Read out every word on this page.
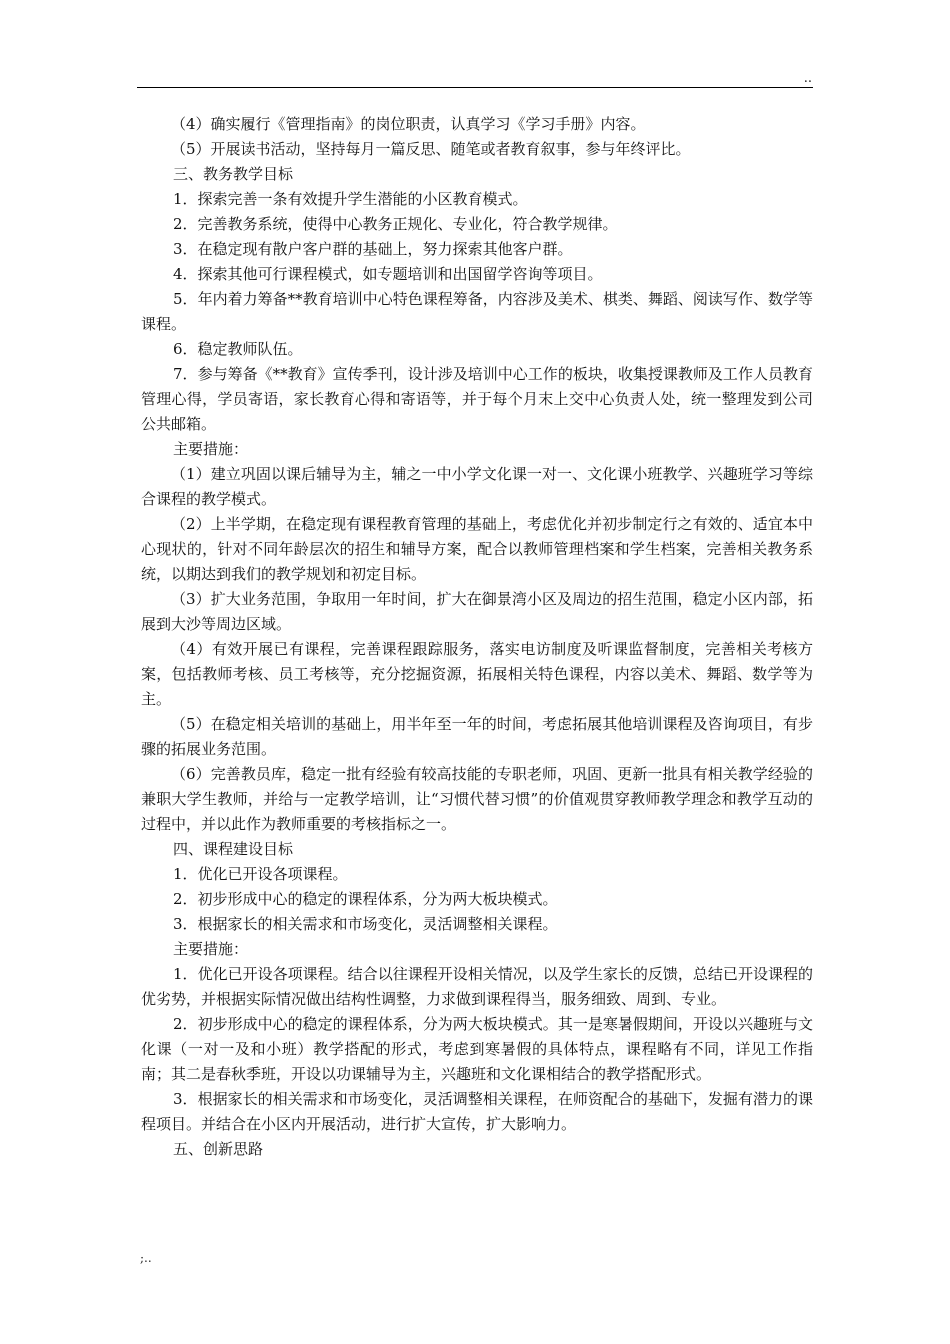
..

（4）确实履行《管理指南》的岗位职责，认真学习《学习手册》内容。

（5）开展读书活动，坚持每月一篇反思、随笔或者教育叙事，参与年终评比。

三、教务教学目标

1．探索完善一条有效提升学生潜能的小区教育模式。

2．完善教务系统，使得中心教务正规化、专业化，符合教学规律。

3．在稳定现有散户客户群的基础上，努力探索其他客户群。

4．探索其他可行课程模式，如专题培训和出国留学咨询等项目。

5．年内着力筹备**教育培训中心特色课程筹备，内容涉及美术、棋类、舞蹈、阅读写作、数学等课程。

6．稳定教师队伍。

7．参与筹备《**教育》宣传季刊，设计涉及培训中心工作的板块，收集授课教师及工作人员教育管理心得，学员寄语，家长教育心得和寄语等，并于每个月末上交中心负责人处，统一整理发到公司公共邮箱。

主要措施：

（1）建立巩固以课后辅导为主，辅之一中小学文化课一对一、文化课小班教学、兴趣班学习等综合课程的教学模式。

（2）上半学期，在稳定现有课程教育管理的基础上，考虑优化并初步制定行之有效的、适宜本中心现状的，针对不同年龄层次的招生和辅导方案，配合以教师管理档案和学生档案，完善相关教务系统，以期达到我们的教学规划和初定目标。

（3）扩大业务范围，争取用一年时间，扩大在御景湾小区及周边的招生范围，稳定小区内部，拓展到大沙等周边区域。

（4）有效开展已有课程，完善课程跟踪服务，落实电访制度及听课监督制度，完善相关考核方案，包括教师考核、员工考核等，充分挖掘资源，拓展相关特色课程，内容以美术、舞蹈、数学等为主。

（5）在稳定相关培训的基础上，用半年至一年的时间，考虑拓展其他培训课程及咨询项目，有步骤的拓展业务范围。

（6）完善教员库，稳定一批有经验有较高技能的专职老师，巩固、更新一批具有相关教学经验的兼职大学生教师，并给与一定教学培训，让“习惯代替习惯”的价值观贯穿教师教学理念和教学互动的过程中，并以此作为教师重要的考核指标之一。

四、课程建设目标

1．优化已开设各项课程。

2．初步形成中心的稳定的课程体系，分为两大板块模式。

3．根据家长的相关需求和市场变化，灵活调整相关课程。

主要措施：

1．优化已开设各项课程。结合以往课程开设相关情况，以及学生家长的反馈，总结已开设课程的优劣势，并根据实际情况做出结构性调整，力求做到课程得当，服务细致、周到、专业。

2．初步形成中心的稳定的课程体系，分为两大板块模式。其一是寒暑假期间，开设以兴趣班与文化课（一对一及和小班）教学搭配的形式，考虑到寒暑假的具体特点，课程略有不同，详见工作指南；其二是春秋季班，开设以功课辅导为主，兴趣班和文化课相结合的教学搭配形式。

3．根据家长的相关需求和市场变化，灵活调整相关课程，在师资配合的基础下，发掘有潜力的课程项目。并结合在小区内开展活动，进行扩大宣传，扩大影响力。

五、创新思路

;..
